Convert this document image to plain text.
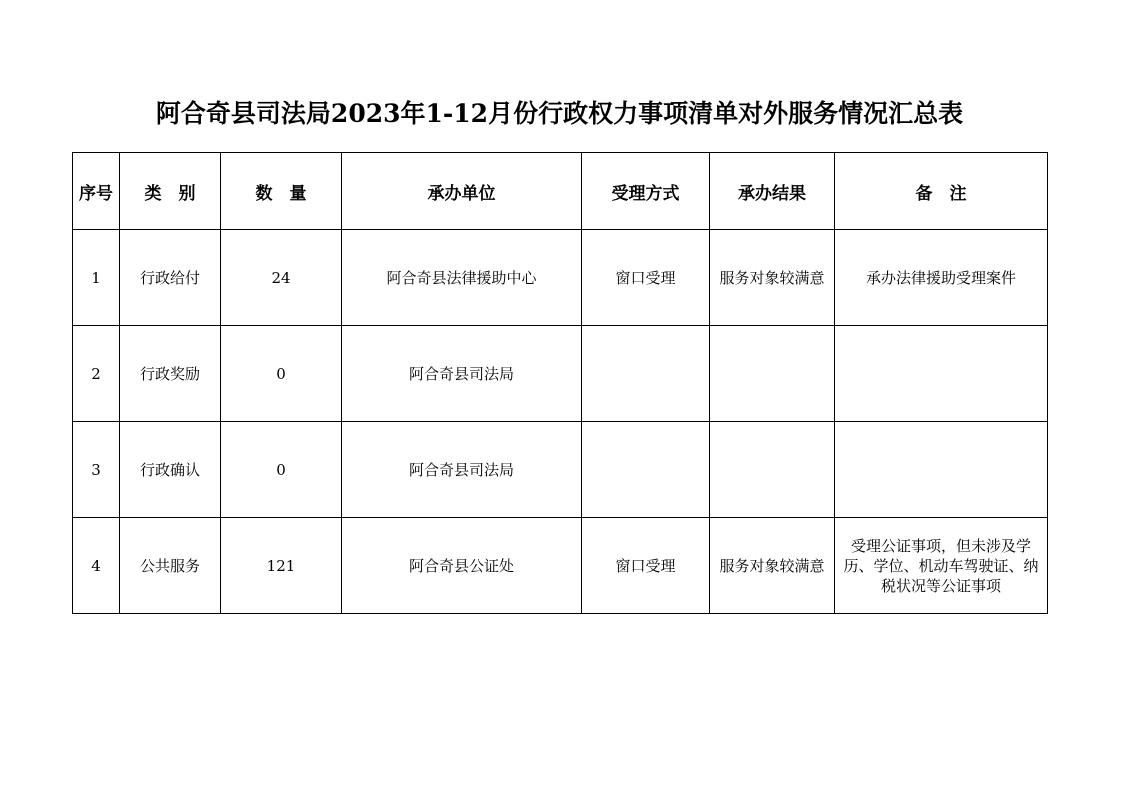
阿合奇县司法局2023年1-12月份行政权力事项清单对外服务情况汇总表
序号	类　别	数　量	承办单位	受理方式	承办结果	备　注
1	行政给付	24	阿合奇县法律援助中心	窗口受理	服务对象较满意	承办法律援助受理案件
2	行政奖励	0	阿合奇县司法局			
3	行政确认	0	阿合奇县司法局			
4	公共服务	121	阿合奇县公证处	窗口受理	服务对象较满意	受理公证事项，但未涉及学历、学位、机动车驾驶证、纳税状况等公证事项
